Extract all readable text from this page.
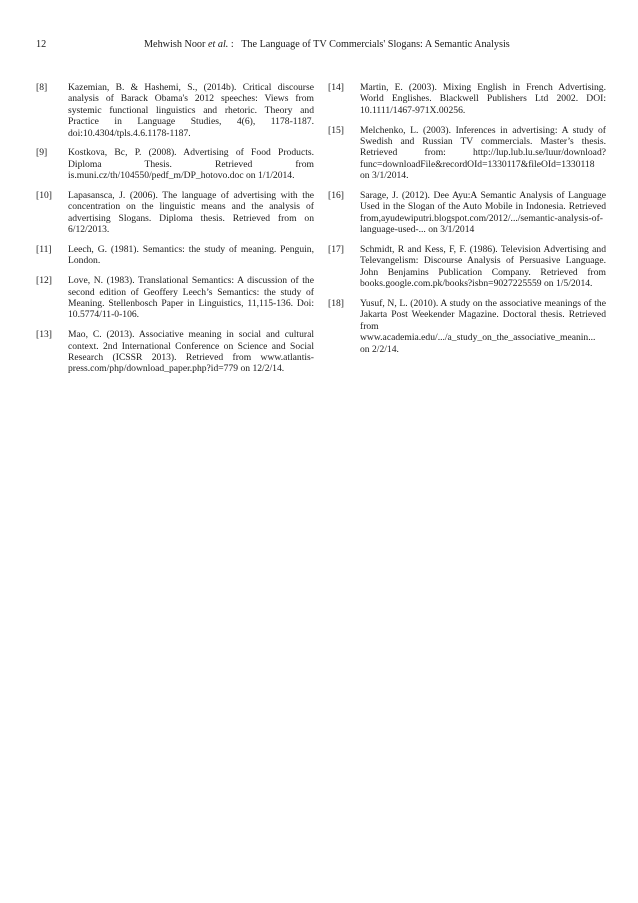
12	Mehwish Noor et al. : The Language of TV Commercials' Slogans: A Semantic Analysis
[8] Kazemian, B. & Hashemi, S., (2014b). Critical discourse analysis of Barack Obama's 2012 speeches: Views from systemic functional linguistics and rhetoric. Theory and Practice in Language Studies, 4(6), 1178-1187. doi:10.4304/tpls.4.6.1178-1187.
[9] Kostkova, Bc, P. (2008). Advertising of Food Products. Diploma Thesis. Retrieved from is.muni.cz/th/104550/pedf_m/DP_hotovo.doc on 1/1/2014.
[10] Lapasansca, J. (2006). The language of advertising with the concentration on the linguistic means and the analysis of advertising Slogans. Diploma thesis. Retrieved from on 6/12/2013.
[11] Leech, G. (1981). Semantics: the study of meaning. Penguin, London.
[12] Love, N. (1983). Translational Semantics: A discussion of the second edition of Geoffery Leech’s Semantics: the study of Meaning. Stellenbosch Paper in Linguistics, 11,115-136. Doi: 10.5774/11-0-106.
[13] Mao, C. (2013). Associative meaning in social and cultural context. 2nd International Conference on Science and Social Research (ICSSR 2013). Retrieved from www.atlantis-press.com/php/download_paper.php?id=779 on 12/2/14.
[14] Martin, E. (2003). Mixing English in French Advertising. World Englishes. Blackwell Publishers Ltd 2002. DOI: 10.1111/1467-971X.00256.
[15] Melchenko, L. (2003). Inferences in advertising: A study of Swedish and Russian TV commercials. Master’s thesis. Retrieved from: http://lup.lub.lu.se/luur/download?func=downloadFile&recordOId=1330117&fileOId=1330118 on 3/1/2014.
[16] Sarage, J. (2012). Dee Ayu:A Semantic Analysis of Language Used in the Slogan of the Auto Mobile in Indonesia. Retrieved from,ayudewiputri.blogspot.com/2012/.../semantic-analysis-of-language-used-... on 3/1/2014
[17] Schmidt, R and Kess, F, F. (1986). Television Advertising and Televangelism: Discourse Analysis of Persuasive Language. John Benjamins Publication Company. Retrieved from books.google.com.pk/books?isbn=9027225559 on 1/5/2014.
[18] Yusuf, N, L. (2010). A study on the associative meanings of the Jakarta Post Weekender Magazine. Doctoral thesis. Retrieved from www.academia.edu/.../a_study_on_the_associative_meanin... on 2/2/14.
